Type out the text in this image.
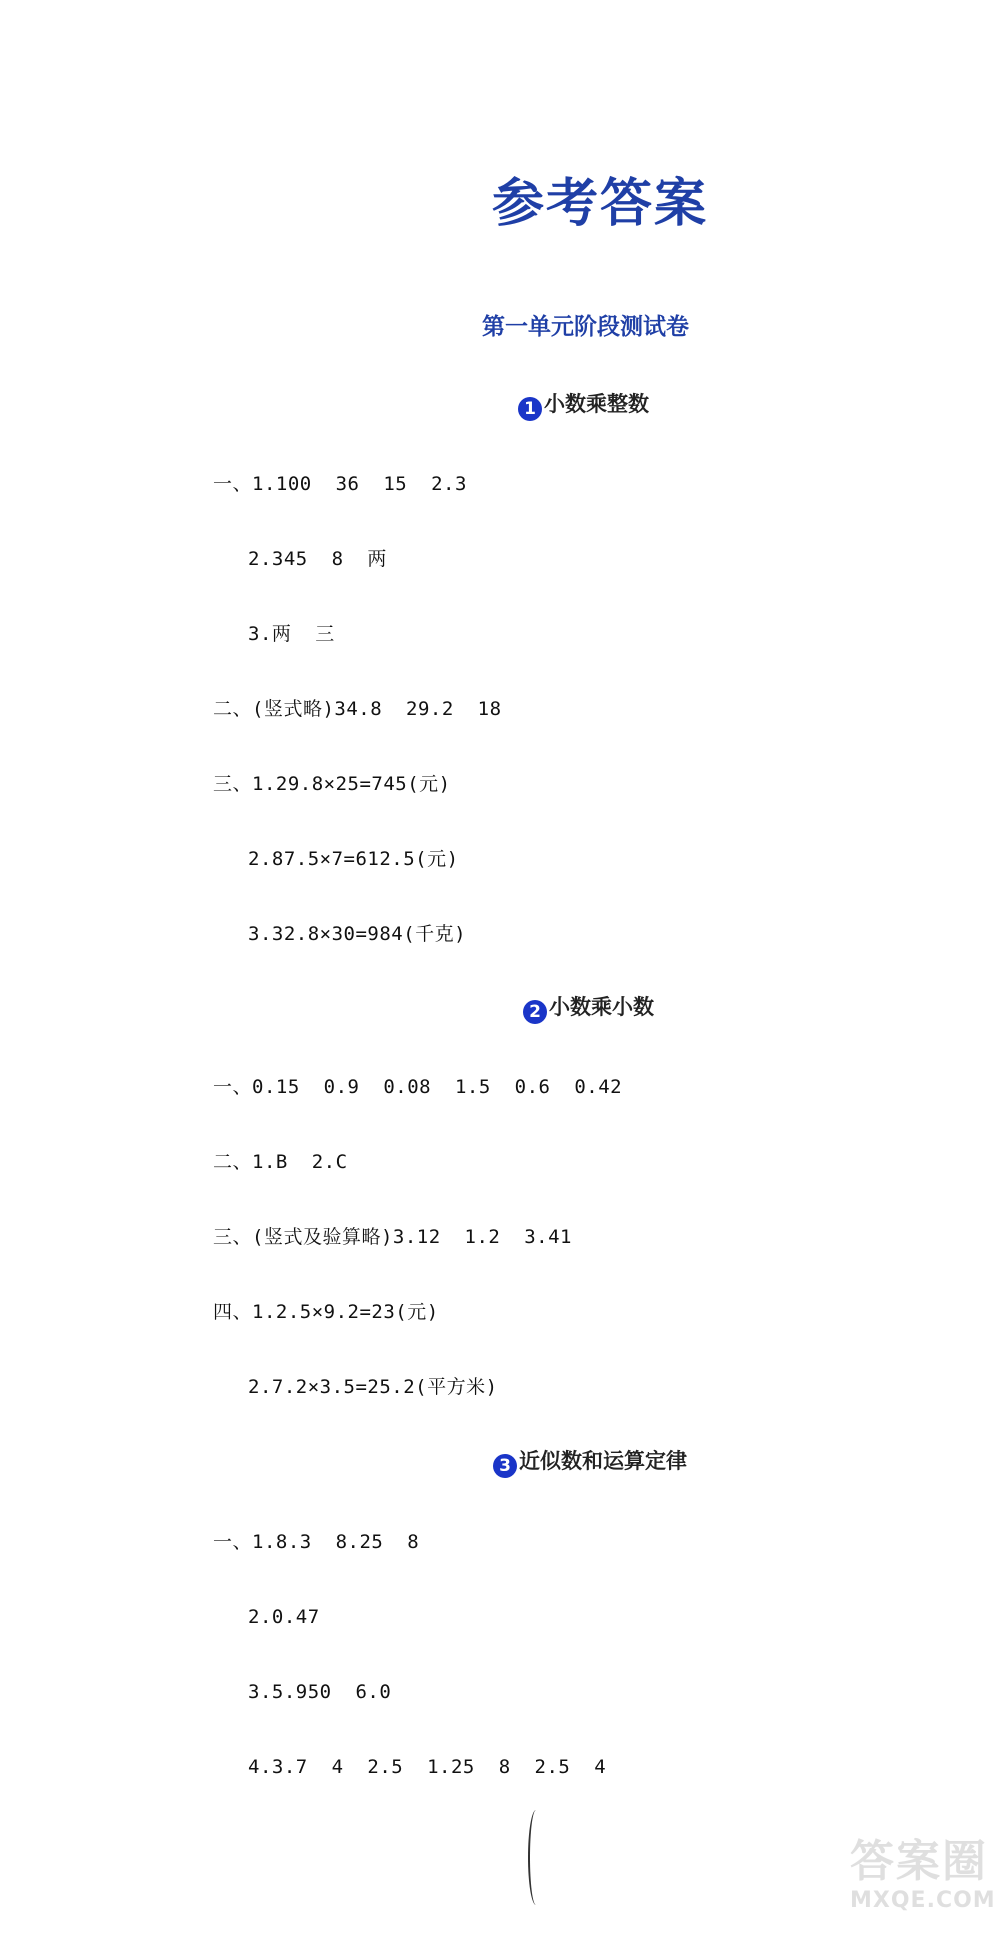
参考答案
第一单元阶段测试卷
1 小数乘整数
一、1.100  36  15  2.3
2.345  8  两
3.两  三
二、(竖式略)34.8  29.2  18
三、1.29.8×25=745(元)
2.87.5×7=612.5(元)
3.32.8×30=984(千克)
2 小数乘小数
一、0.15  0.9  0.08  1.5  0.6  0.42
二、1.B  2.C
三、(竖式及验算略)3.12  1.2  3.41
四、1.2.5×9.2=23(元)
2.7.2×3.5=25.2(平方米)
3 近似数和运算定律
一、1.8.3  8.25  8
2.0.47
3.5.950  6.0
4.3.7  4  2.5  1.25  8  2.5  4
答案圈
MXQE.COM
